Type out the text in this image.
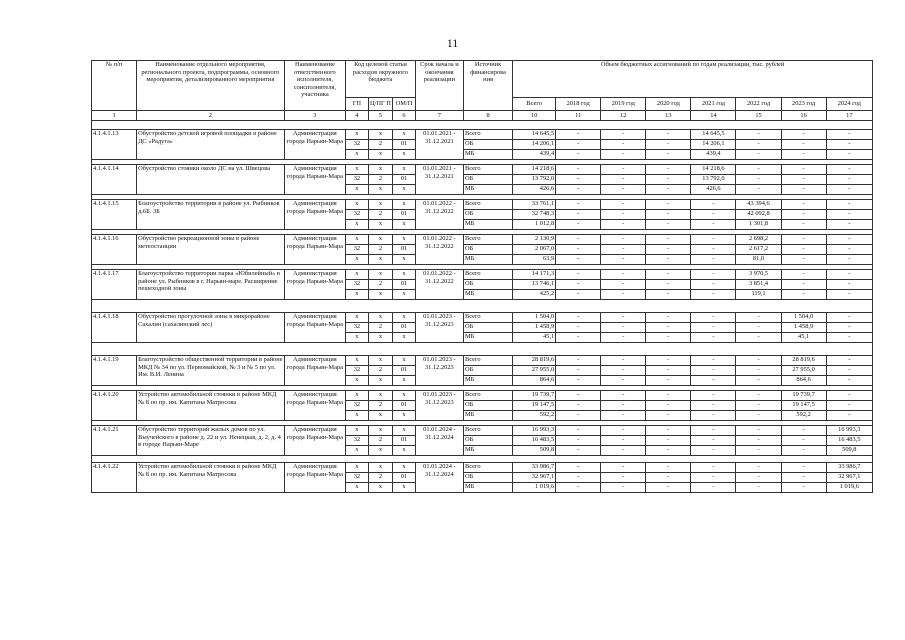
11
№ п/п	Наименование отдельного мероприятия, регионального проекта, подпрограммы, основного мероприятия, детализированного мероприятия	Наименование ответственного исполнителя, соисполнителя, участника	Код целевой статьи расходов окружного бюджета			Срок начала и окончания реализации	Источник финансирова ния	Объем бюджетных ассигнований по годам реализации, тыс. рублей							
			ГП	Ц/ПГ П	ОМ/П			Всего	2018 год	2019 год	2020 год	2021 год	2022 год	2023 год	2024 год
1	2	3	4	5	6	7	8	10	11	12	13	14	15	16	17

4.1.4.1.13	Обустройство детской игровой площадки в районе ДС «Радуга»	Администрация города Нарьян-Мара	х	х	х	01.01.2021 - 31.12.2021	Всего	14 645,5	-	-	-	14 645,5	-	-	-
			32	2	01		ОБ	14 206,1	-	-	-	14 206,1	-	-	-
			х	х	х		МБ	439,4	-	-	-	439,4	-	-	-

4.1.4.1.14	Обустройство стоянки около ДС на ул. Швецова	Администрация города Нарьян-Мара	х	х	х	01.01.2021 - 31.12.2021	Всего	14 218,6	-	-	-	14 218,6	-	-	-
			32	2	01		ОБ	13 792,0	-	-	-	13 792,0	-	-	-
			х	х	х		МБ	426,6	-	-	-	426,6	-	-	-

4.1.4.1.15	Благоустройство территории в районе ул. Рыбников д.6Б. 3Б	Администрация города Нарьян-Мара	х	х	х	01.01.2022 - 31.12.2022	Всего	33 761,1	-	-	-	-	43 394,6	-	-
			32	2	01		ОБ	32 748,3	-	-	-	-	42 092,8	-	-
			х	х	х		МБ	1 012,8	-	-	-	-	1 301,8	-	-

4.1.4.1.16	Обустройство рекреационной зоны в районе метеостанции	Администрация города Нарьян-Мара	х	х	х	01.01.2022 - 31.12.2022	Всего	2 130,9	-	-	-	-	2 698,2	-	-
			32	2	01		ОБ	2 067,0	-	-	-	-	2 617,2	-	-
			х	х	х		МБ	63,9	-	-	-	-	81,0	-	-

4.1.4.1.17	Благоустройство территории парка «Юбилейный» в районе ул. Рыбников в г. Нарьян-маре. Расширение пешеходной зоны	Администрация города Нарьян-Мара	х	х	х	01.01.2022 - 31.12.2022	Всего	14 171,3	-	-	-	-	3 970,5	-	-
			32	2	01		ОБ	13 746,1	-	-	-	-	3 851,4	-	-
			х	х	х		МБ	425,2	-	-	-	-	119,1	-	-

4.1.4.1.18	Обустройство прогулочной зоны в микрорайоне Сахалин (сахалинский лес)	Администрация города Нарьян-Мара	х	х	х	01.01.2023 - 31.12.2023	Всего	1 504,0	-	-	-	-	-	1 504,0	-
			32	2	01		ОБ	1 458,9	-	-	-	-	-	1 458,9	-
			х	х	х		МБ	45,1	-	-	-	-	-	45,1	-

4.1.4.1.19	Благоустройство общественной территории в районе МКД № 34 по ул. Первомайской, № 3 и № 5 по ул. Им. В.И. Ленина	Администрация города Нарьян-Мара	х	х	х	01.01.2023 - 31.12.2023	Всего	28 819,6	-	-	-	-	-	28 819,6	-
			32	2	01		ОБ	27 955,0	-	-	-	-	-	27 955,0	-
			х	х	х		МБ	864,6	-	-	-	-	-	864,6	-

4.1.4.1.20	Устройство автомобильной стоянки в районе МКД № 8 по пр. им. Капитана Матросова	Администрация города Нарьян-Мара	х	х	х	01.01.2023 - 31.12.2023	Всего	19 739,7	-	-	-	-	-	19 739,7	-
			32	2	01		ОБ	19 147,5	-	-	-	-	-	19 147,5	-
			х	х	х		МБ	592,2	-	-	-	-	-	592,2	-

4.1.4.1.21	Обустройство территорий жилых домов по ул. Выучейского в районе д. 22 и ул. Ненецкая, д. 2, д. 4 в городе Нарьян-Маре	Администрация города Нарьян-Мара	х	х	х	01.01.2024 - 31.12.2024	Всего	16 993,3	-	-	-	-	-	-	16 993,3
			32	2	01		ОБ	16 483,5	-	-	-	-	-	-	16 483,5
			х	х	х		МБ	509,8	-	-	-	-	-	-	509,8

4.1.4.1.22	Устройство автомобильной стоянки в районе МКД № 8 по пр. им. Капитана Матросова	Администрация города Нарьян-Мара	х	х	х	01.01.2024 - 31.12.2024	Всего	33 986,7	-	-	-	-	-	-	33 986,7
			32	2	01		ОБ	32 967,1	-	-	-	-	-	-	32 967,1
			х	х	х		МБ	1 019,6	-	-	-	-	-	-	1 019,6
